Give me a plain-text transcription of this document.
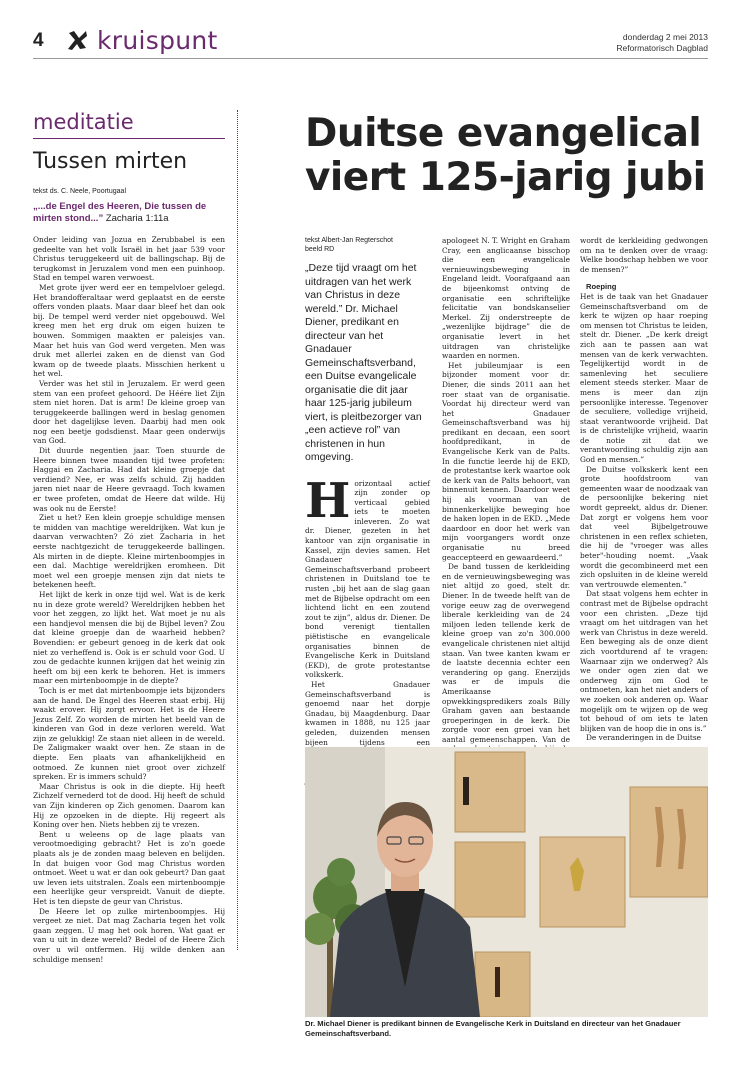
4 kruispunt	donderdag 2 mei 2013
Reformatorisch Dagblad
meditatie
Tussen mirten
tekst ds. C. Neele, Poortugaal
„...de Engel des Heeren, Die tussen de mirten stond...” Zacharia 1:11a

Onder leiding van Jozua en Zerubbabel is een gedeelte van het volk Israël in het jaar 539 voor Christus teruggekeerd uit de ballingschap. Bij de terugkomst in Jeruzalem vond men een puinhoop. Stad en tempel waren verwoest.

Met grote ijver werd eer en tempelvloer gelegd. Het brandofferaltaar werd geplaatst en de eerste offers vonden plaats. Maar daar bleef het dan ook bij. De tempel werd verder niet opgebouwd. Wel kreeg men het erg druk om eigen huizen te bouwen. Sommigen maakten er paleisjes van. Maar het huis van God werd vergeten. Men was druk met allerlei zaken en de dienst van God kwam op de tweede plaats. Misschien herkent u het wel.

Verder was het stil in Jeruzalem. Er werd geen stem van een profeet gehoord. De Héére liet Zijn stem niet horen. Dat is arm! De kleine groep van teruggekeerde ballingen werd in beslag genomen door het dagelijkse leven. Daarbij had men ook nog een beetje godsdienst. Maar geen onderwijs van God.

Dit duurde negentien jaar. Toen stuurde de Heere binnen twee maanden tijd twee profeten: Haggai en Zacharia. Had dat kleine groepje dat verdiend? Nee, er was zelfs schuld. Zij hadden jaren niet naar de Heere gevraagd. Toch kwamen er twee profeten, omdat de Heere dat wilde. Hij was ook nu de Eerste!

Ziet u het? Een klein groepje schuldige mensen te midden van machtige wereldrijken. Wat kun je daarvan verwachten? Zó ziet Zacharia in het eerste nachtgezicht de teruggekeerde ballingen. Als mirten in de diepte. Kleine mirtenboompjes in een dal. Machtige wereldrijken eromheen. Dit moet wel een groepje mensen zijn dat niets te betekenen heeft.

Het lijkt de kerk in onze tijd wel. Wat is de kerk nu in deze grote wereld? Wereldrijken hebben het voor het zeggen, zo lijkt het. Wat moet je nu als een handjevol mensen die bij de Bijbel leven? Zou dat kleine groepje dan de waarheid hebben? Bovendien: er gebeurt genoeg in de kerk dat ook niet zo verheffend is. Ook is er schuld voor God. U zou de gedachte kunnen krijgen dat het weinig zin heeft om bij een kerk te behoren. Het is immers maar een mirtenboompje in de diepte?

Toch is er met dat mirtenboompje iets bijzonders aan de hand. De Engel des Heeren staat erbij. Hij waakt erover. Hij zorgt ervoor. Het is de Heere Jezus Zelf. Zo worden de mirten het beeld van de kinderen van God in deze verloren wereld. Wat zijn ze gelukkig! Ze staan niet alleen in de wereld. De Zaligmaker waakt over hen. Ze staan in de diepte. Een plaats van afhankelijkheid en ootmoed. Ze kunnen niet groot over zichzelf spreken. Er is immers schuld?

Maar Christus is ook in die diepte. Hij heeft Zichzelf vernederd tot de dood. Hij heeft de schuld van Zijn kinderen op Zich genomen. Daarom kan Hij ze opzoeken in de diepte. Hij regeert als Koning over hen. Niets hebben zij te vrezen.

Bent u weleens op de lage plaats van verootmoediging gebracht? Het is zo'n goede plaats als je de zonden maag beleven en belijden. In dat buigen voor God mag Christus worden ontmoet. Weet u wat er dan ook gebeurt? Dan gaat uw leven iets uitstralen. Zoals een mirtenboompje een heerlijke geur verspreidt. Vanuit de diepte. Het is ten diepste de geur van Christus.

De Heere let op zulke mirtenboompjes. Hij vergeet ze niet. Dat mag Zacharia tegen het volk gaan zeggen. U mag het ook horen. Wat gaat er van u uit in deze wereld? Bedel of de Heere Zich over u wil ontfermen. Hij wilde denken aan schuldige mensen!

Duitse evangelical
viert 125-jarig jubi
tekst Albert-Jan Regterschot
beeld RD
„Deze tijd vraagt om het uitdragen van het werk van Christus in deze wereld.” Dr. Michael Diener, predikant en directeur van het Gnadauer Gemeinschaftsverband, een Duitse evangelicale organisatie die dit jaar haar 125-jarig jubileum viert, is pleitbezorger van „een actieve rol” van christenen in hun omgeving.

H orizontaal actief zijn zonder op verticaal gebied iets te moeten inleveren. Zo wat dr. Diener, gezeten in het kantoor van zijn organisatie in Kassel, zijn devies samen. Het Gnadauer Gemeinschaftsverband probeert christenen in Duitsland toe te rusten „bij het aan de slag gaan met de Bijbelse opdracht om een lichtend licht en een zoutend zout te zijn”, aldus dr. Diener. De bond verenigt tientallen piëtistische en evangelicale organisaties binnen de Evangelische Kerk in Duitsland (EKD), de grote protestantse volkskerk.

Het Gnadauer Gemeinschaftsverband is genoemd naar het dorpje Gnadau, bij Maagdenburg. Daar kwamen in 1888, nu 125 jaar geleden, duizenden mensen bijeen tijdens een

apologeet N. T. Wright en Graham Cray, een anglicaanse bisschop die een evangelicale vernieuwingsbeweging in Engeland leidt. Voorafgaand aan de bijeenkomst ontving de organisatie een schriftelijke felicitatie van bondskanselier Merkel. Zij onderstreepte de „wezenlijke bijdrage” die de organisatie levert in het uitdragen van christelijke waarden en normen.

Het jubileumjaar is een bijzonder moment voor dr. Diener, die sinds 2011 aan het roer staat van de organisatie. Voordat hij directeur werd van het Gnadauer Gemeinschaftsverband was hij predikant en decaan, een soort hoofdpredikant, in de Evangelische Kerk van de Palts. In die functie leerde hij de EKD, de protestantse kerk waartoe ook de kerk van de Palts behoort, van binnenuit kennen. Daardoor weet hij als voorman van de binnenkerkelijke beweging hoe de haken lopen in de EKD. „Mede daardoor en door het werk van mijn voorgangers wordt onze organisatie nu breed geaccepteerd en gewaardeerd.”

De band tussen de kerkleiding en de vernieuwingsbeweging was niet altijd zo goed, stelt dr. Diener. In de tweede helft van de vorige eeuw zag de overwegend liberale kerkleiding van de 24 miljoen leden tellende kerk de kleine groep van zo'n 300.000 evangelicale christenen niet altijd staan. Van twee kanten kwam er de laatste decennia echter een verandering op gang. Enerzijds was er de impuls die Amerikaanse opwekkingspredikers zoals Billy Graham gaven aan bestaande groeperingen in de kerk. Die zorgde voor een groei van het aantal gemeenschappen. Van de

wordt de kerkleiding gedwongen om na te denken over de vraag: Welke boodschap hebben we voor de mensen?”

Roeping

Het is de taak van het Gnadauer Gemeinschaftsverband om de kerk te wijzen op haar roeping om mensen tot Christus te leiden, stelt dr. Diener. „De kerk dreigt zich aan te passen aan wat mensen van de kerk verwachten. Tegelijkertijd wordt in de samenleving het seculiere element steeds sterker. Maar de mens is meer dan zijn persoonlijke interesse. Tegenover de seculiere, volledige vrijheid, staat verantwoorde vrijheid. Dat is de christelijke vrijheid, waarin de notie zit dat we verantwoording schuldig zijn aan God en mensen.”

De Duitse volkskerk kent een grote hoofdstroom van gemeenten waar de noodzaak van de persoonlijke bekering niet wordt gepreekt, aldus dr. Diener. Dat zorgt er volgens hem voor dat veel Bijbelgetrouwe christenen in een reflex schieten, die hij de "vroeger was alles beter"-houding noemt. „Vaak wordt die gecombineerd met een zich opsluiten in de kleine wereld van vertrouwde elementen.”

Dat staat volgens hem echter in contrast met de Bijbelse opdracht voor een christen. „Deze tijd vraagt om het uitdragen van het werk van Christus in deze wereld. Een beweging als de onze dient zich voortdurend af te vragen: Waarnaar zijn we onderweg? Als we onder ogen zien dat we onderweg zijn om God te ontmoeten, kan het niet anders of we zoeken ook anderen op. Waar mogelijk om te wijzen op de weg tot behoud of om iets te laten blijken van de hoop die in ons is.”

De veranderingen in de Duitse

Dr. Michael Diener is predikant binnen de Evangelische Kerk in Duitsland en directeur van het Gnadauer Gemeinschaftsverband.
